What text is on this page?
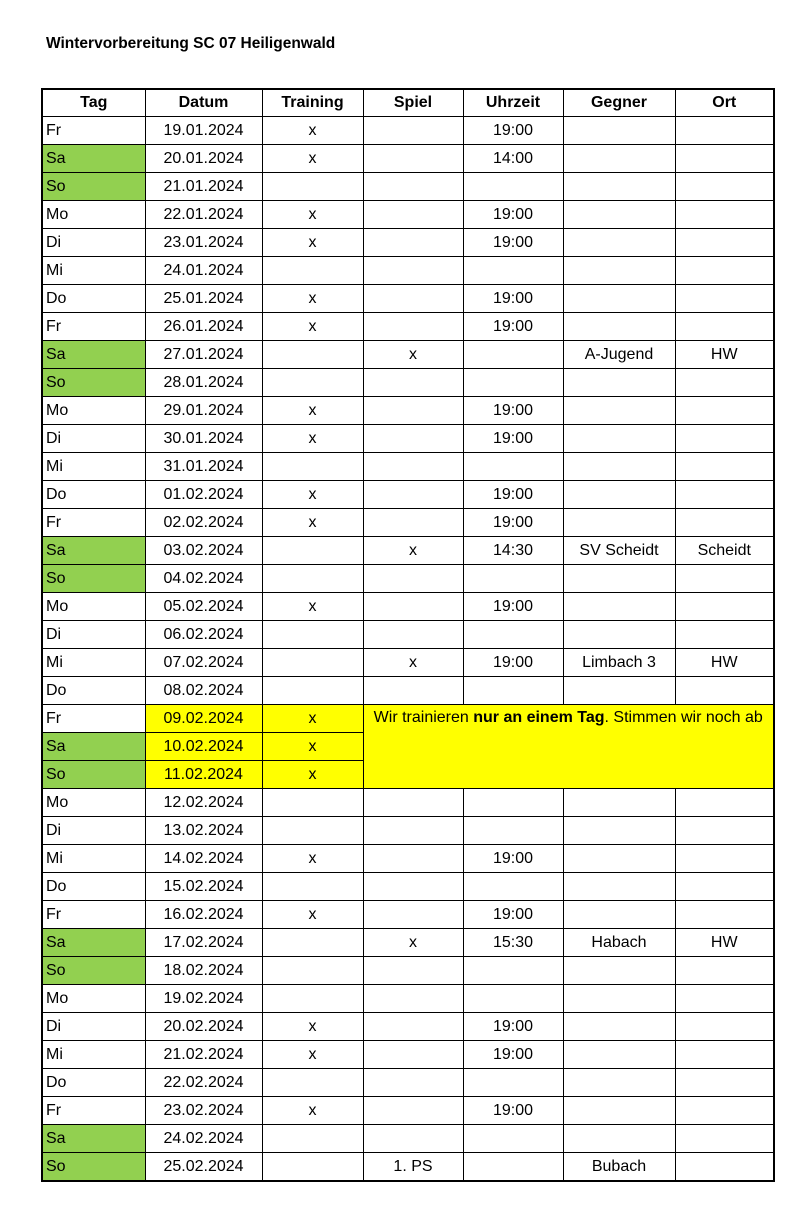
Wintervorbereitung SC 07 Heiligenwald
Tag	Datum	Training	Spiel	Uhrzeit	Gegner	Ort
Fr	19.01.2024	x		19:00		
Sa	20.01.2024	x		14:00		
So	21.01.2024					
Mo	22.01.2024	x		19:00		
Di	23.01.2024	x		19:00		
Mi	24.01.2024					
Do	25.01.2024	x		19:00		
Fr	26.01.2024	x		19:00		
Sa	27.01.2024		x		A-Jugend	HW
So	28.01.2024					
Mo	29.01.2024	x		19:00		
Di	30.01.2024	x		19:00		
Mi	31.01.2024					
Do	01.02.2024	x		19:00		
Fr	02.02.2024	x		19:00		
Sa	03.02.2024		x	14:30	SV Scheidt	Scheidt
So	04.02.2024					
Mo	05.02.2024	x		19:00		
Di	06.02.2024					
Mi	07.02.2024		x	19:00	Limbach 3	HW
Do	08.02.2024					
Fr	09.02.2024	x	Wir trainieren nur an einem Tag. Stimmen wir noch ab			
Sa	10.02.2024	x				
So	11.02.2024	x				
Mo	12.02.2024					
Di	13.02.2024					
Mi	14.02.2024	x		19:00		
Do	15.02.2024					
Fr	16.02.2024	x		19:00		
Sa	17.02.2024		x	15:30	Habach	HW
So	18.02.2024					
Mo	19.02.2024					
Di	20.02.2024	x		19:00		
Mi	21.02.2024	x		19:00		
Do	22.02.2024					
Fr	23.02.2024	x		19:00		
Sa	24.02.2024					
So	25.02.2024		1. PS		Bubach	
